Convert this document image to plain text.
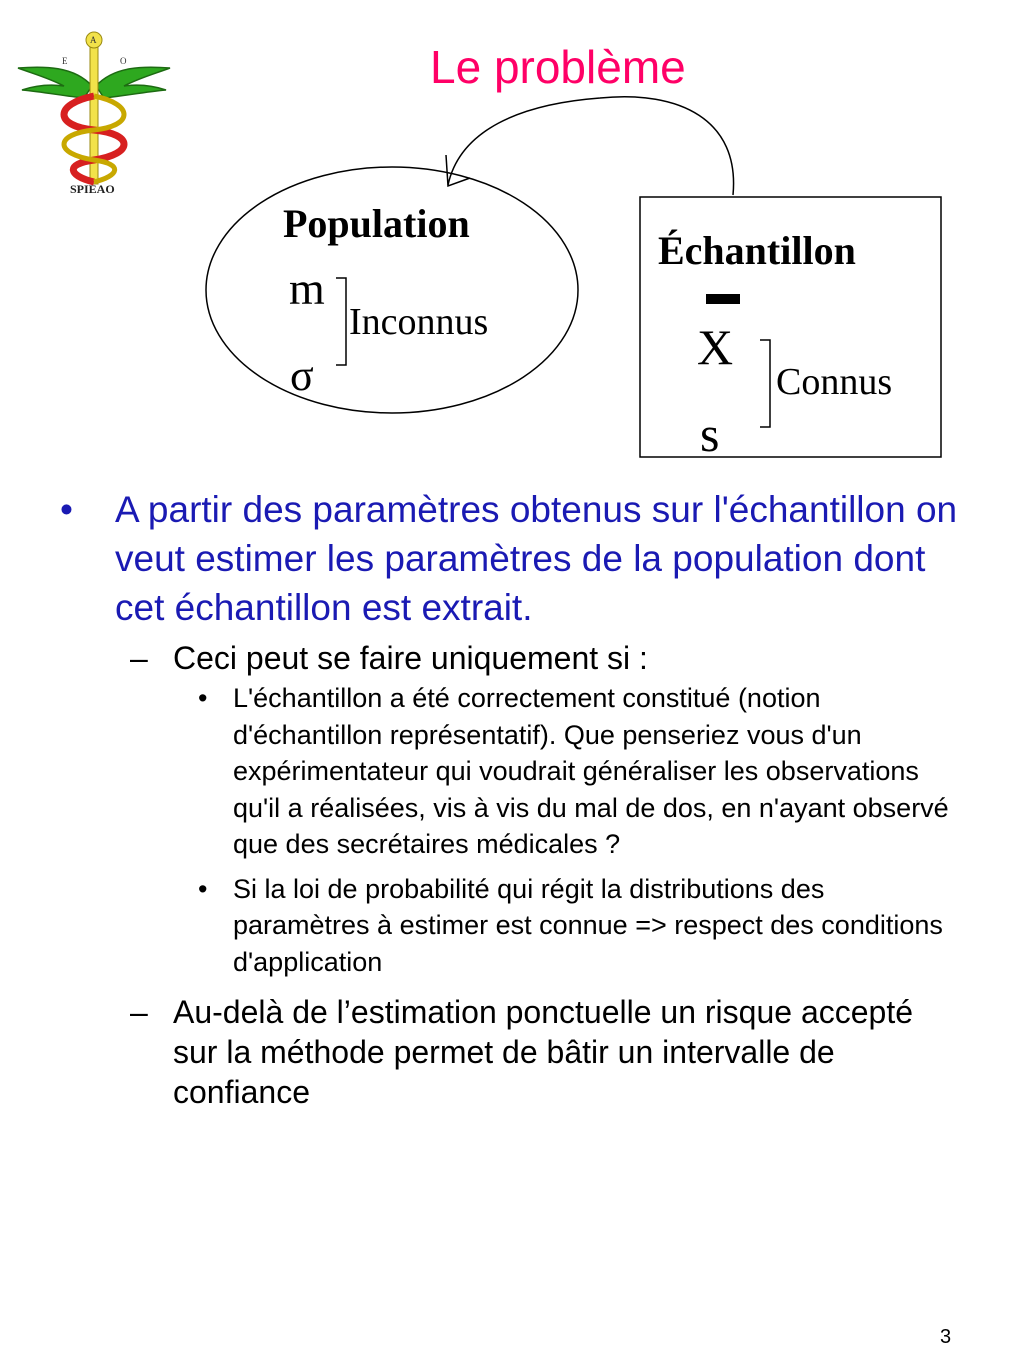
A
E	O
SPIEAO
Le problème
Population
m
σ
Inconnus
Échantillon
X
s
Connus
• A partir des paramètres obtenus sur l'échantillon on veut estimer les paramètres de la population dont cet échantillon est extrait.
– Ceci peut se faire uniquement si :
• L'échantillon a été correctement constitué (notion d'échantillon représentatif). Que penseriez vous d'un expérimentateur qui voudrait généraliser les observations qu'il a réalisées, vis à vis du mal de dos, en n'ayant observé que des secrétaires médicales ?
• Si la loi de probabilité qui régit la distributions des paramètres à estimer est connue => respect des conditions d'application
– Au-delà de l’estimation ponctuelle un risque accepté sur la méthode permet de bâtir un intervalle de confiance
3
